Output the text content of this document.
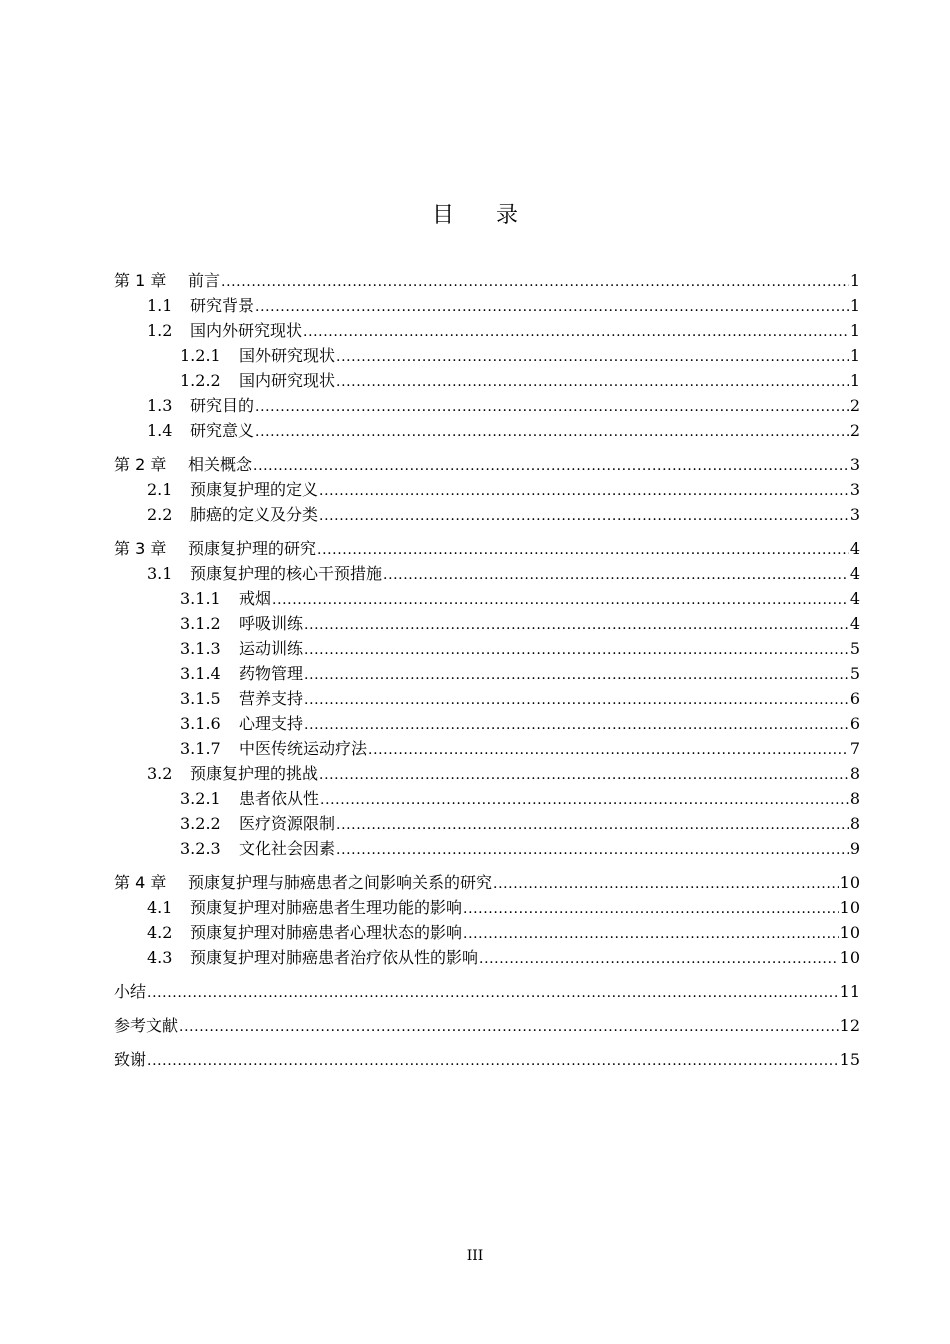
目 录
第 1 章	前言 .....	1
1.1	研究背景 .....	1
1.2	国内外研究现状 .....	1
1.2.1	国外研究现状 .....	1
1.2.2	国内研究现状 .....	1
1.3	研究目的 .....	2
1.4	研究意义 .....	2
第 2 章	相关概念 .....	3
2.1	预康复护理的定义 .....	3
2.2	肺癌的定义及分类 .....	3
第 3 章	预康复护理的研究 .....	4
3.1	预康复护理的核心干预措施 .....	4
3.1.1	戒烟 .....	4
3.1.2	呼吸训练 .....	4
3.1.3	运动训练 .....	5
3.1.4	药物管理 .....	5
3.1.5	营养支持 .....	6
3.1.6	心理支持 .....	6
3.1.7	中医传统运动疗法 .....	7
3.2	预康复护理的挑战 .....	8
3.2.1	患者依从性 .....	8
3.2.2	医疗资源限制 .....	8
3.2.3	文化社会因素 .....	9
第 4 章	预康复护理与肺癌患者之间影响关系的研究 .....	10
4.1	预康复护理对肺癌患者生理功能的影响 .....	10
4.2	预康复护理对肺癌患者心理状态的影响 .....	10
4.3	预康复护理对肺癌患者治疗依从性的影响 .....	10
小结 .....	11
参考文献 .....	12
致谢 .....	15
III
